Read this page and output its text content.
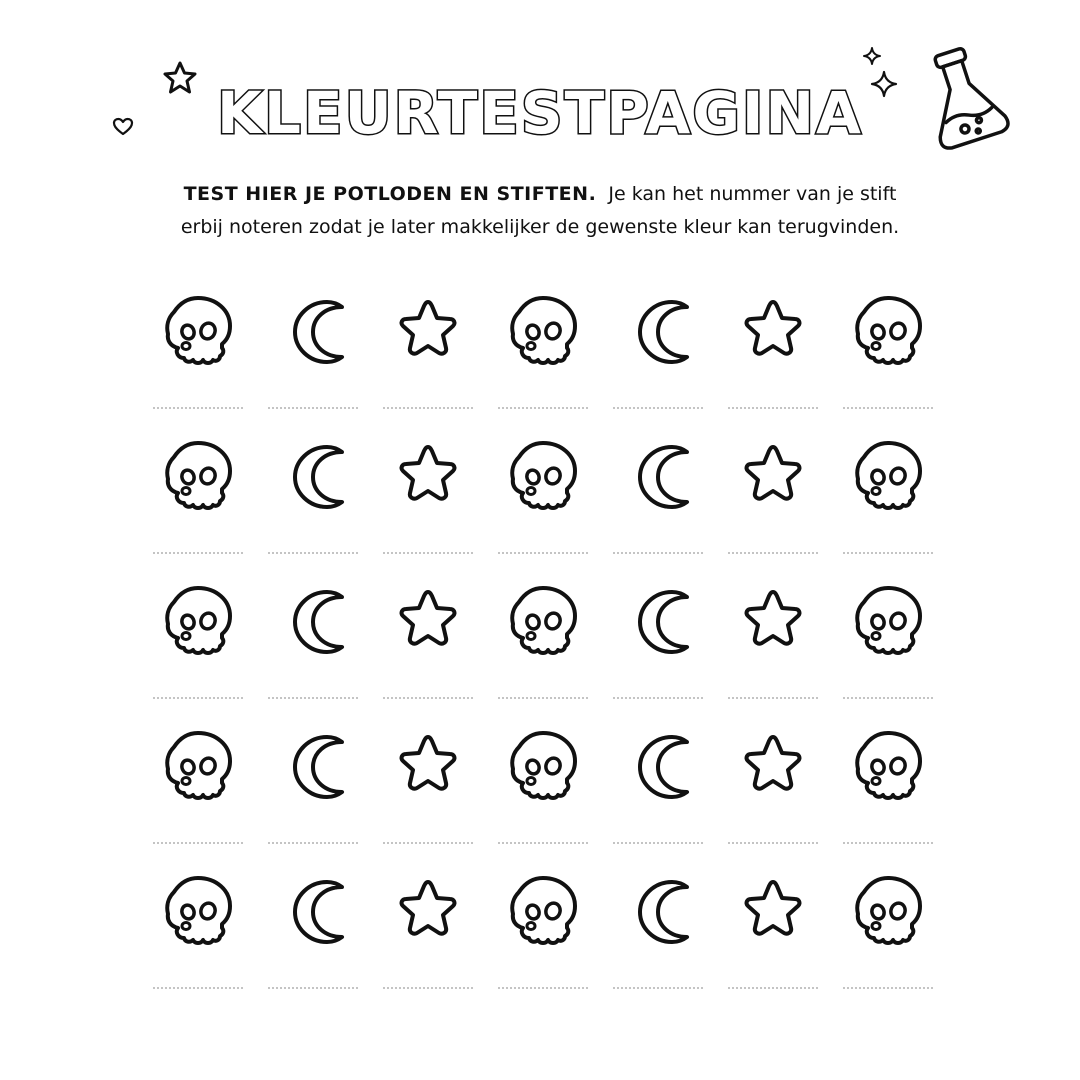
KLEURTESTPAGINA
TEST HIER JE POTLODEN EN STIFTEN. Je kan het nummer van je stift
erbij noteren zodat je later makkelijker de gewenste kleur kan terugvinden.
